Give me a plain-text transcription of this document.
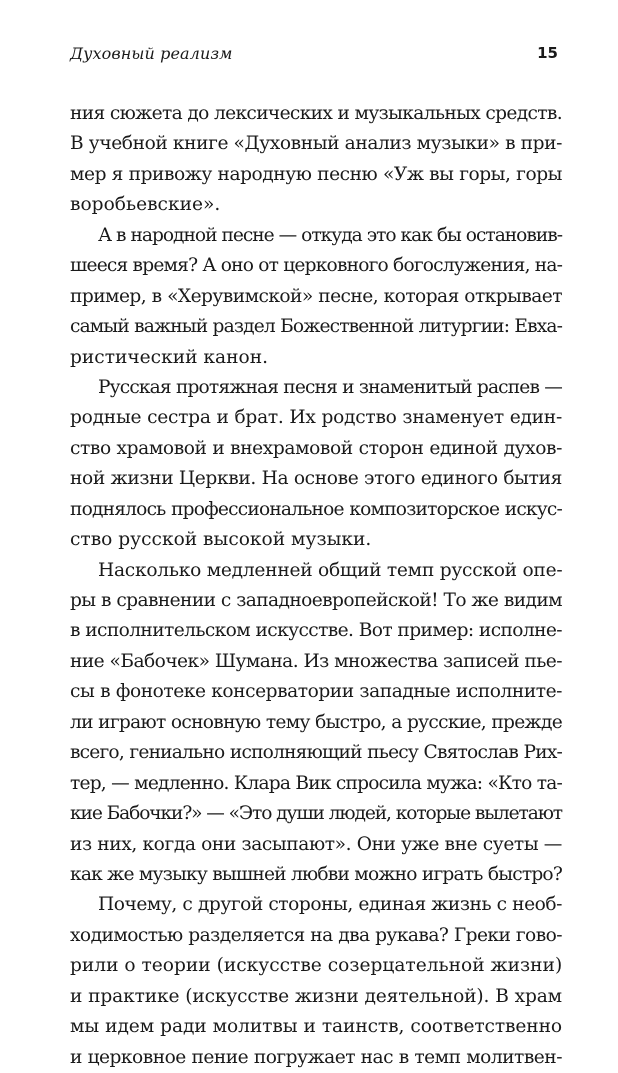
Духовный реализм	15
ния сюжета до лексических и музыкальных средств.
В учебной книге «Духовный анализ музыки» в при-
мер я привожу народную песню «Уж вы горы, горы
воробьевские».
А в народной песне — откуда это как бы остановив-
шееся время? А оно от церковного богослужения, на-
пример, в «Херувимской» песне, которая открывает
самый важный раздел Божественной литургии: Евха-
ристический канон.
Русская протяжная песня и знаменитый распев —
родные сестра и брат. Их родство знаменует един-
ство храмовой и внехрамовой сторон единой духов-
ной жизни Церкви. На основе этого единого бытия
поднялось профессиональное композиторское искус-
ство русской высокой музыки.
Насколько медленней общий темп русской опе-
ры в сравнении с западноевропейской! То же видим
в исполнительском искусстве. Вот пример: исполне-
ние «Бабочек» Шумана. Из множества записей пье-
сы в фонотеке консерватории западные исполните-
ли играют основную тему быстро, а русские, прежде
всего, гениально исполняющий пьесу Святослав Рих-
тер, — медленно. Клара Вик спросила мужа: «Кто та-
кие Бабочки?» — «Это души людей, которые вылетают
из них, когда они засыпают». Они уже вне суеты —
как же музыку вышней любви можно играть быстро?
Почему, с другой стороны, единая жизнь с необ-
ходимостью разделяется на два рукава? Греки гово-
рили о теории (искусстве созерцательной жизни)
и практике (искусстве жизни деятельной). В храм
мы идем ради молитвы и таинств, соответственно
и церковное пение погружает нас в темп молитвен-
